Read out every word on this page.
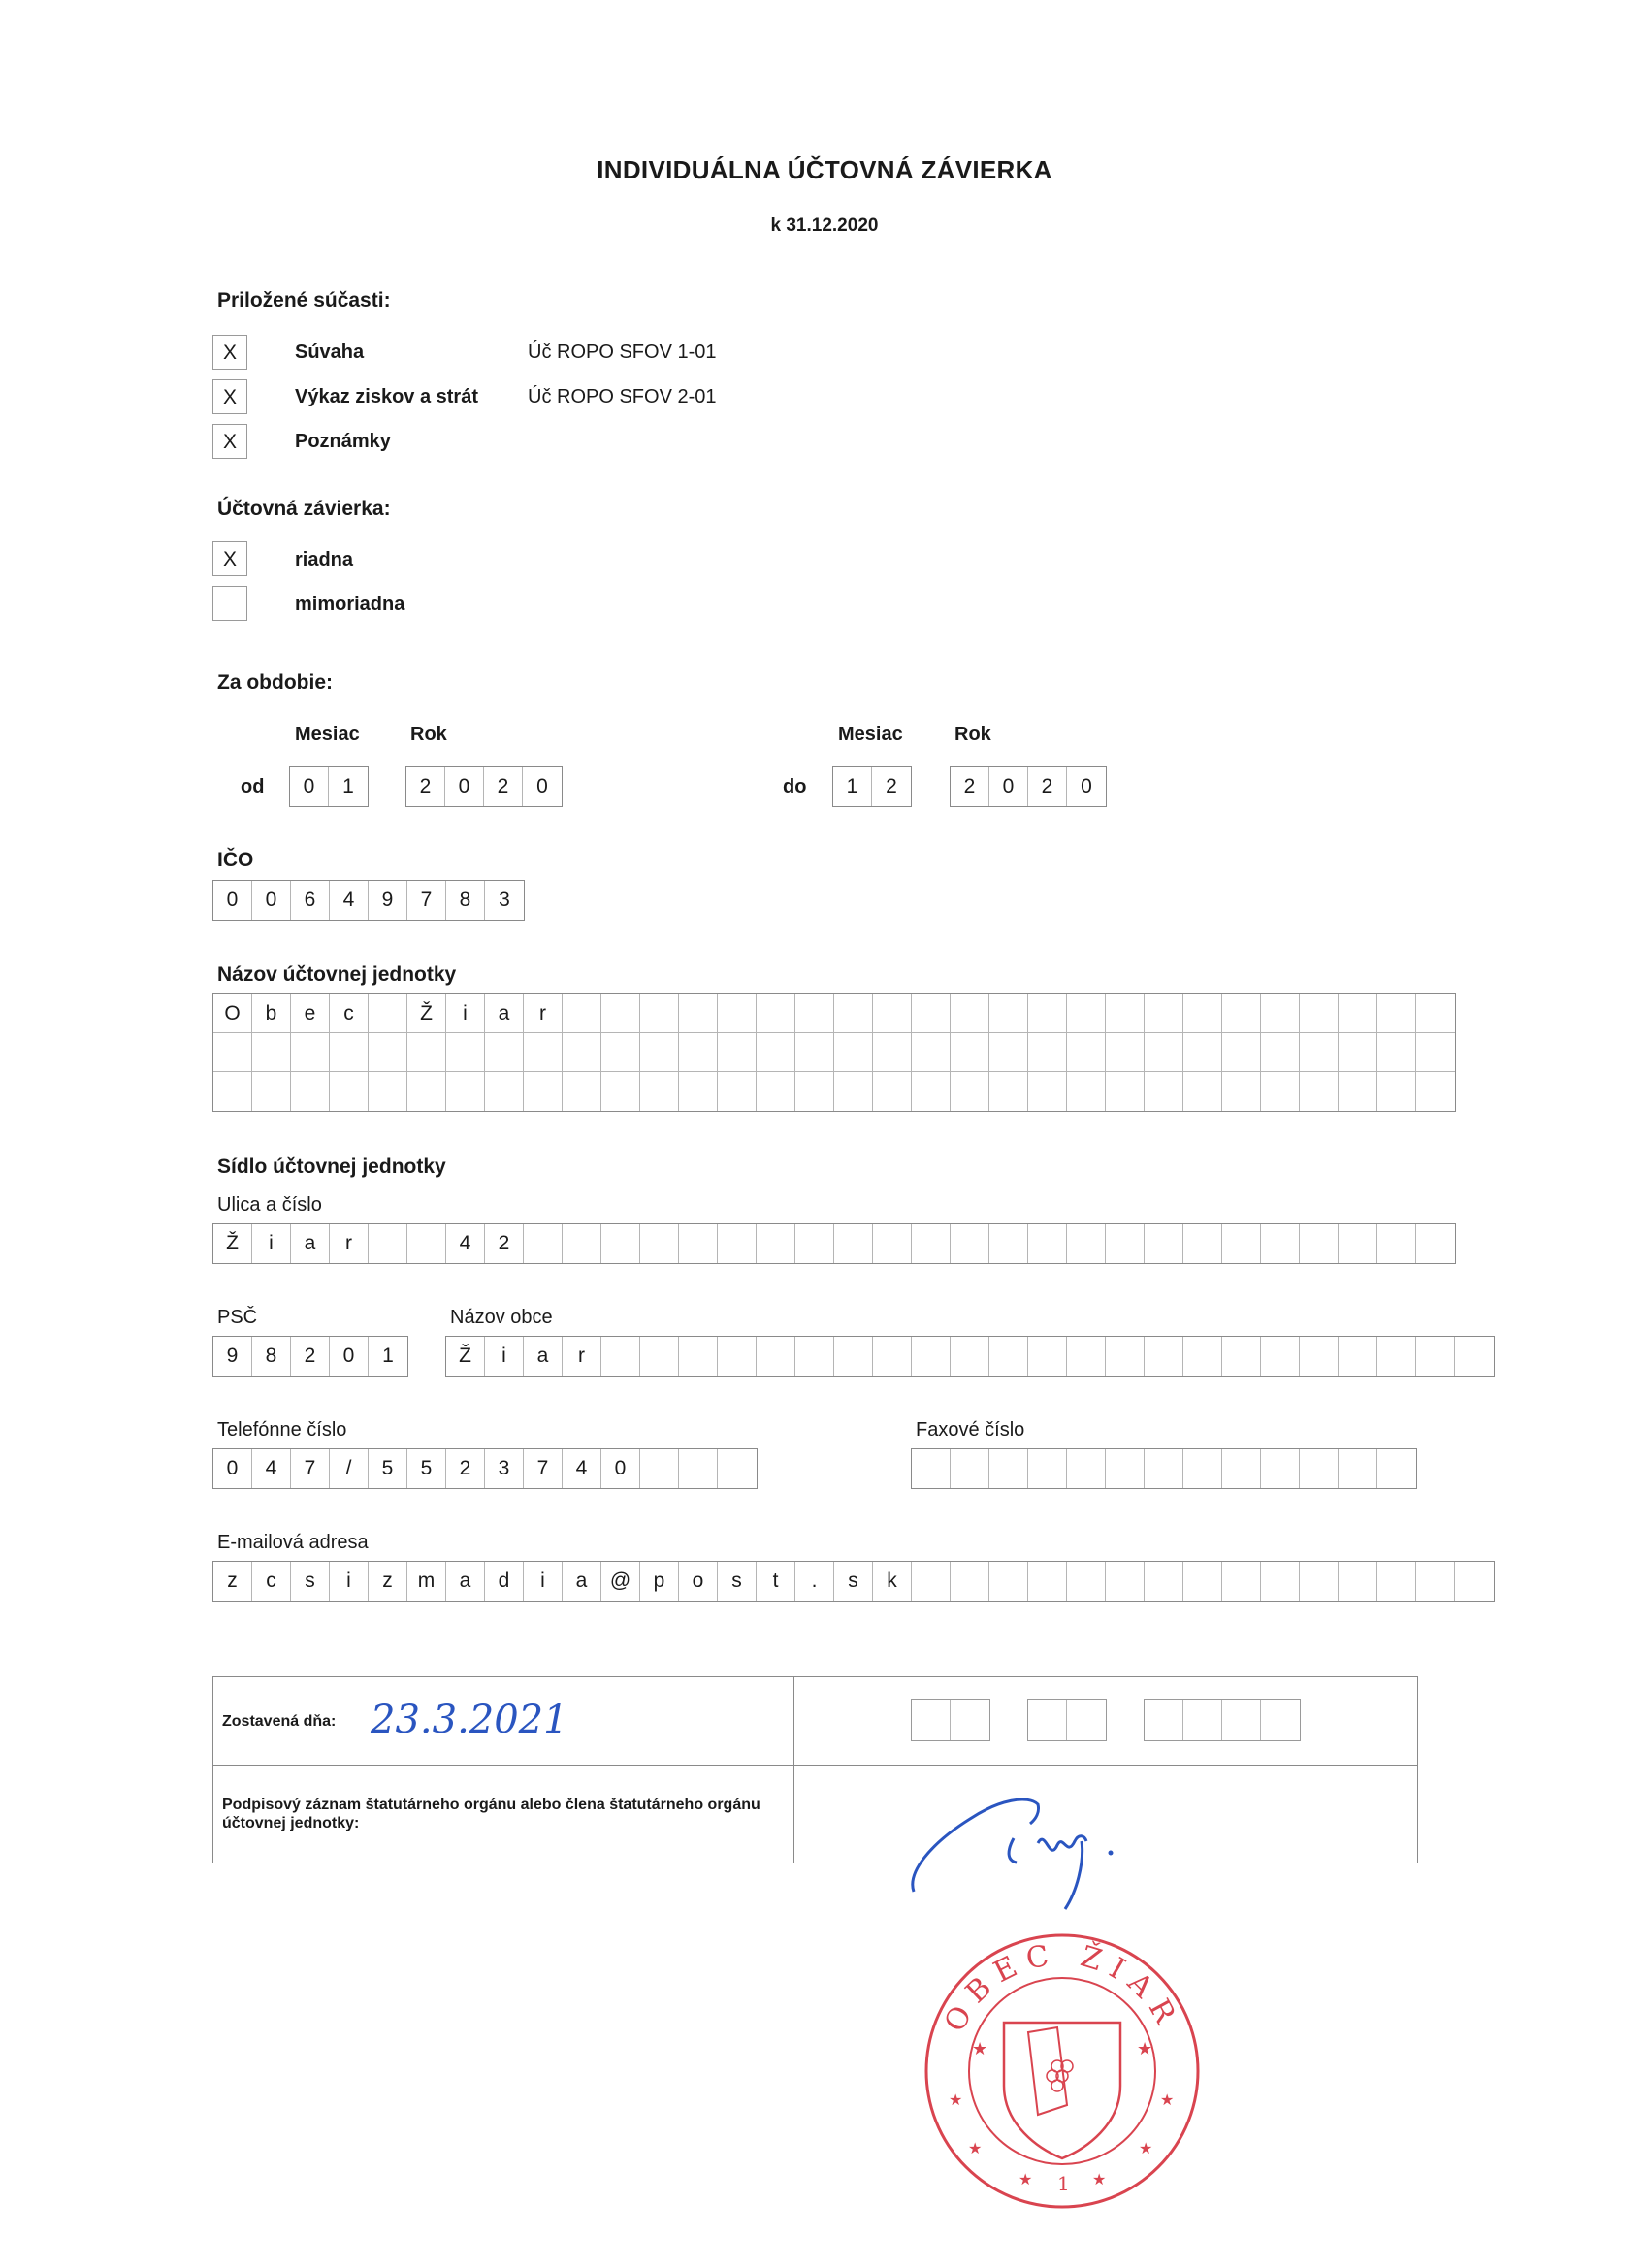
INDIVIDUÁLNA ÚČTOVNÁ ZÁVIERKA
k 31.12.2020
Priložené súčasti:
X	Súvaha	Úč ROPO SFOV 1-01
X	Výkaz ziskov a strát	Úč ROPO SFOV 2-01
X	Poznámky
Účtovná závierka:
X	riadna
mimoriadna
Za obdobie:
Mesiac	Rok
od	0	1	2	0	2	0
Mesiac	Rok
do	1	2	2	0	2	0
IČO
0	0	6	4	9	7	8	3
Názov účtovnej jednotky
O	b	e	c	Ž	i	a	r
Sídlo účtovnej jednotky
Ulica a číslo
Ž	i	a	r	4	2
PSČ
9	8	2	0	1
Názov obce
Ž	i	a	r
Telefónne číslo
0	4	7	/	5	5	2	3	7	4	0
Faxové číslo
E-mailová adresa
z	c	s	i	z	m	a	d	i	a	@	p	o	s	t	.	s	k
Zostavená dňa: 23.3.2021
Podpisový záznam štatutárneho orgánu alebo člena štatutárneho orgánu účtovnej jednotky:
OBEC ŽIAR
★	★
★	★
★	★
★	★
1
